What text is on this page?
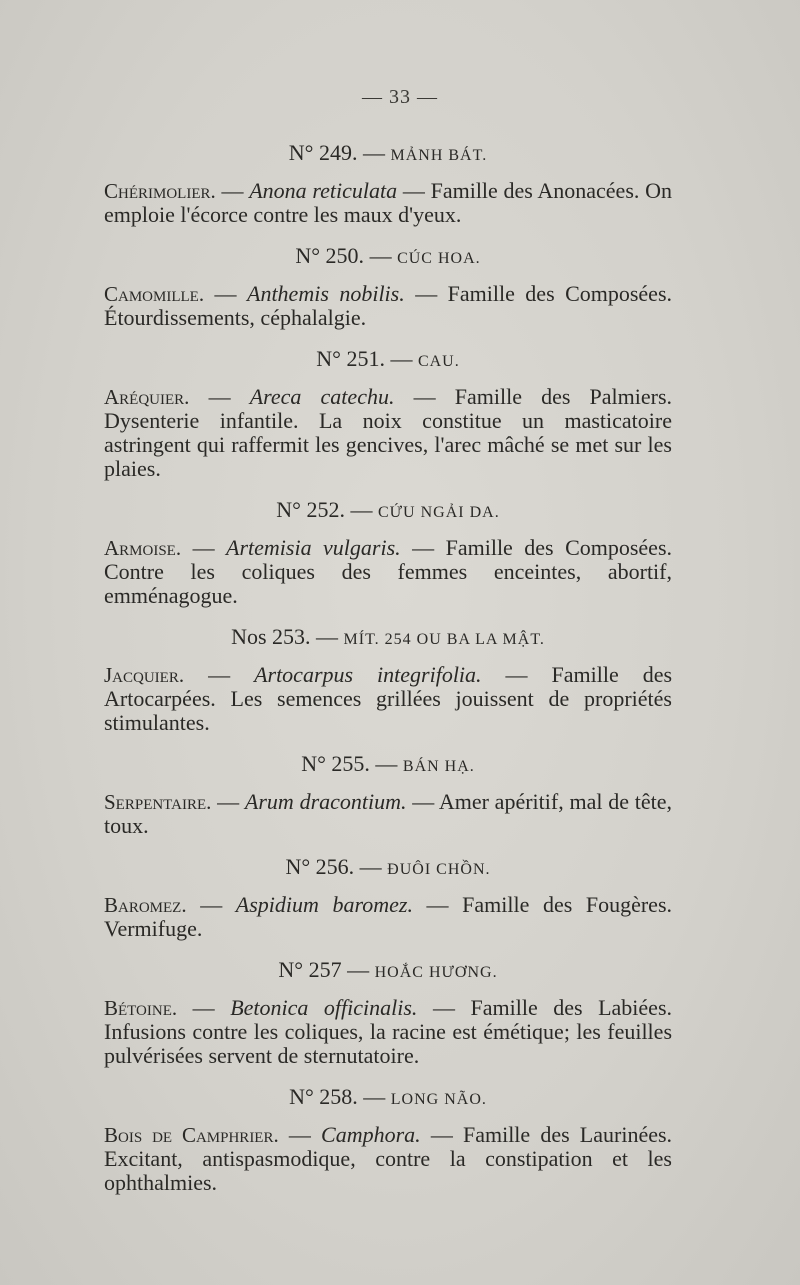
— 33 —

N° 249. — MẢNH BÁT.

Chérimolier. — Anona reticulata — Famille des Anonacées. On emploie l'écorce contre les maux d'yeux.

N° 250. — CÚC HOA.

Camomille. — Anthemis nobilis. — Famille des Composées. Étourdissements, céphalalgie.

N° 251. — CAU.

Aréquier. — Areca catechu. — Famille des Palmiers. Dysenterie infantile. La noix constitue un masticatoire astringent qui raffermit les gencives, l'arec mâché se met sur les plaies.

N° 252. — CỨU NGẢI DA.

Armoise. — Artemisia vulgaris. — Famille des Composées. Contre les coliques des femmes enceintes, abortif, emménagogue.

Nos 253. — MÍT. 254 OU BA LA MẬT.

Jacquier. — Artocarpus integrifolia. — Famille des Artocarpées. Les semences grillées jouissent de propriétés stimulantes.

N° 255. — BÁN HẠ.

Serpentaire. — Arum dracontium. — Amer apéritif, mal de tête, toux.

N° 256. — ĐUÔI CHỒN.

Baromez. — Aspidium baromez. — Famille des Fougères. Vermifuge.

N° 257 — HOẮC HƯƠNG.

Bétoine. — Betonica officinalis. — Famille des Labiées. Infusions contre les coliques, la racine est émétique; les feuilles pulvérisées servent de sternutatoire.

N° 258. — LONG NÃO.

Bois de Camphrier. — Camphora. — Famille des Laurinées. Excitant, antispasmodique, contre la constipation et les ophthalmies.
